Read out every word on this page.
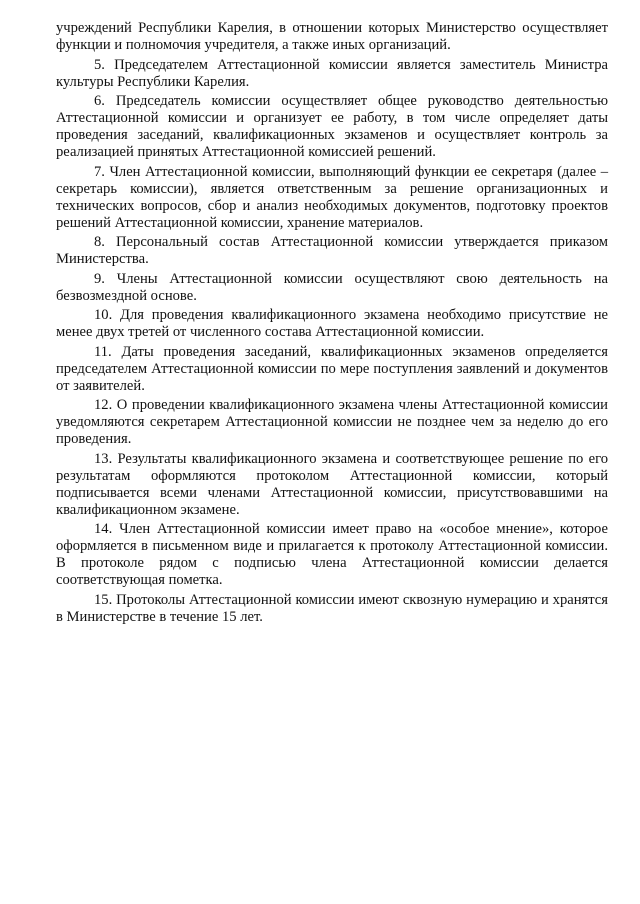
учреждений Республики Карелия, в отношении которых Министерство осуществляет функции и полномочия учредителя, а также иных организаций.

5. Председателем Аттестационной комиссии является заместитель Министра культуры Республики Карелия.

6. Председатель комиссии осуществляет общее руководство деятельностью Аттестационной комиссии и организует ее работу, в том числе определяет даты проведения заседаний, квалификационных экзаменов и осуществляет контроль за реализацией принятых Аттестационной комиссией решений.

7. Член Аттестационной комиссии, выполняющий функции ее секретаря (далее – секретарь комиссии), является ответственным за решение организационных и технических вопросов, сбор и анализ необходимых документов, подготовку проектов решений Аттестационной комиссии, хранение материалов.

8. Персональный состав Аттестационной комиссии утверждается приказом Министерства.

9. Члены Аттестационной комиссии осуществляют свою деятельность на безвозмездной основе.

10. Для проведения квалификационного экзамена необходимо присутствие не менее двух третей от численного состава Аттестационной комиссии.

11. Даты проведения заседаний, квалификационных экзаменов определяется председателем Аттестационной комиссии по мере поступления заявлений и документов от заявителей.

12. О проведении квалификационного экзамена члены Аттестационной комиссии уведомляются секретарем Аттестационной комиссии не позднее чем за неделю до его проведения.

13. Результаты квалификационного экзамена и соответствующее решение по его результатам оформляются протоколом Аттестационной комиссии, который подписывается всеми членами Аттестационной комиссии, присутствовавшими на квалификационном экзамене.

14. Член Аттестационной комиссии имеет право на «особое мнение», которое оформляется в письменном виде и прилагается к протоколу Аттестационной комиссии. В протоколе рядом с подписью члена Аттестационной комиссии делается соответствующая пометка.

15. Протоколы Аттестационной комиссии имеют сквозную нумерацию и хранятся в Министерстве в течение 15 лет.
